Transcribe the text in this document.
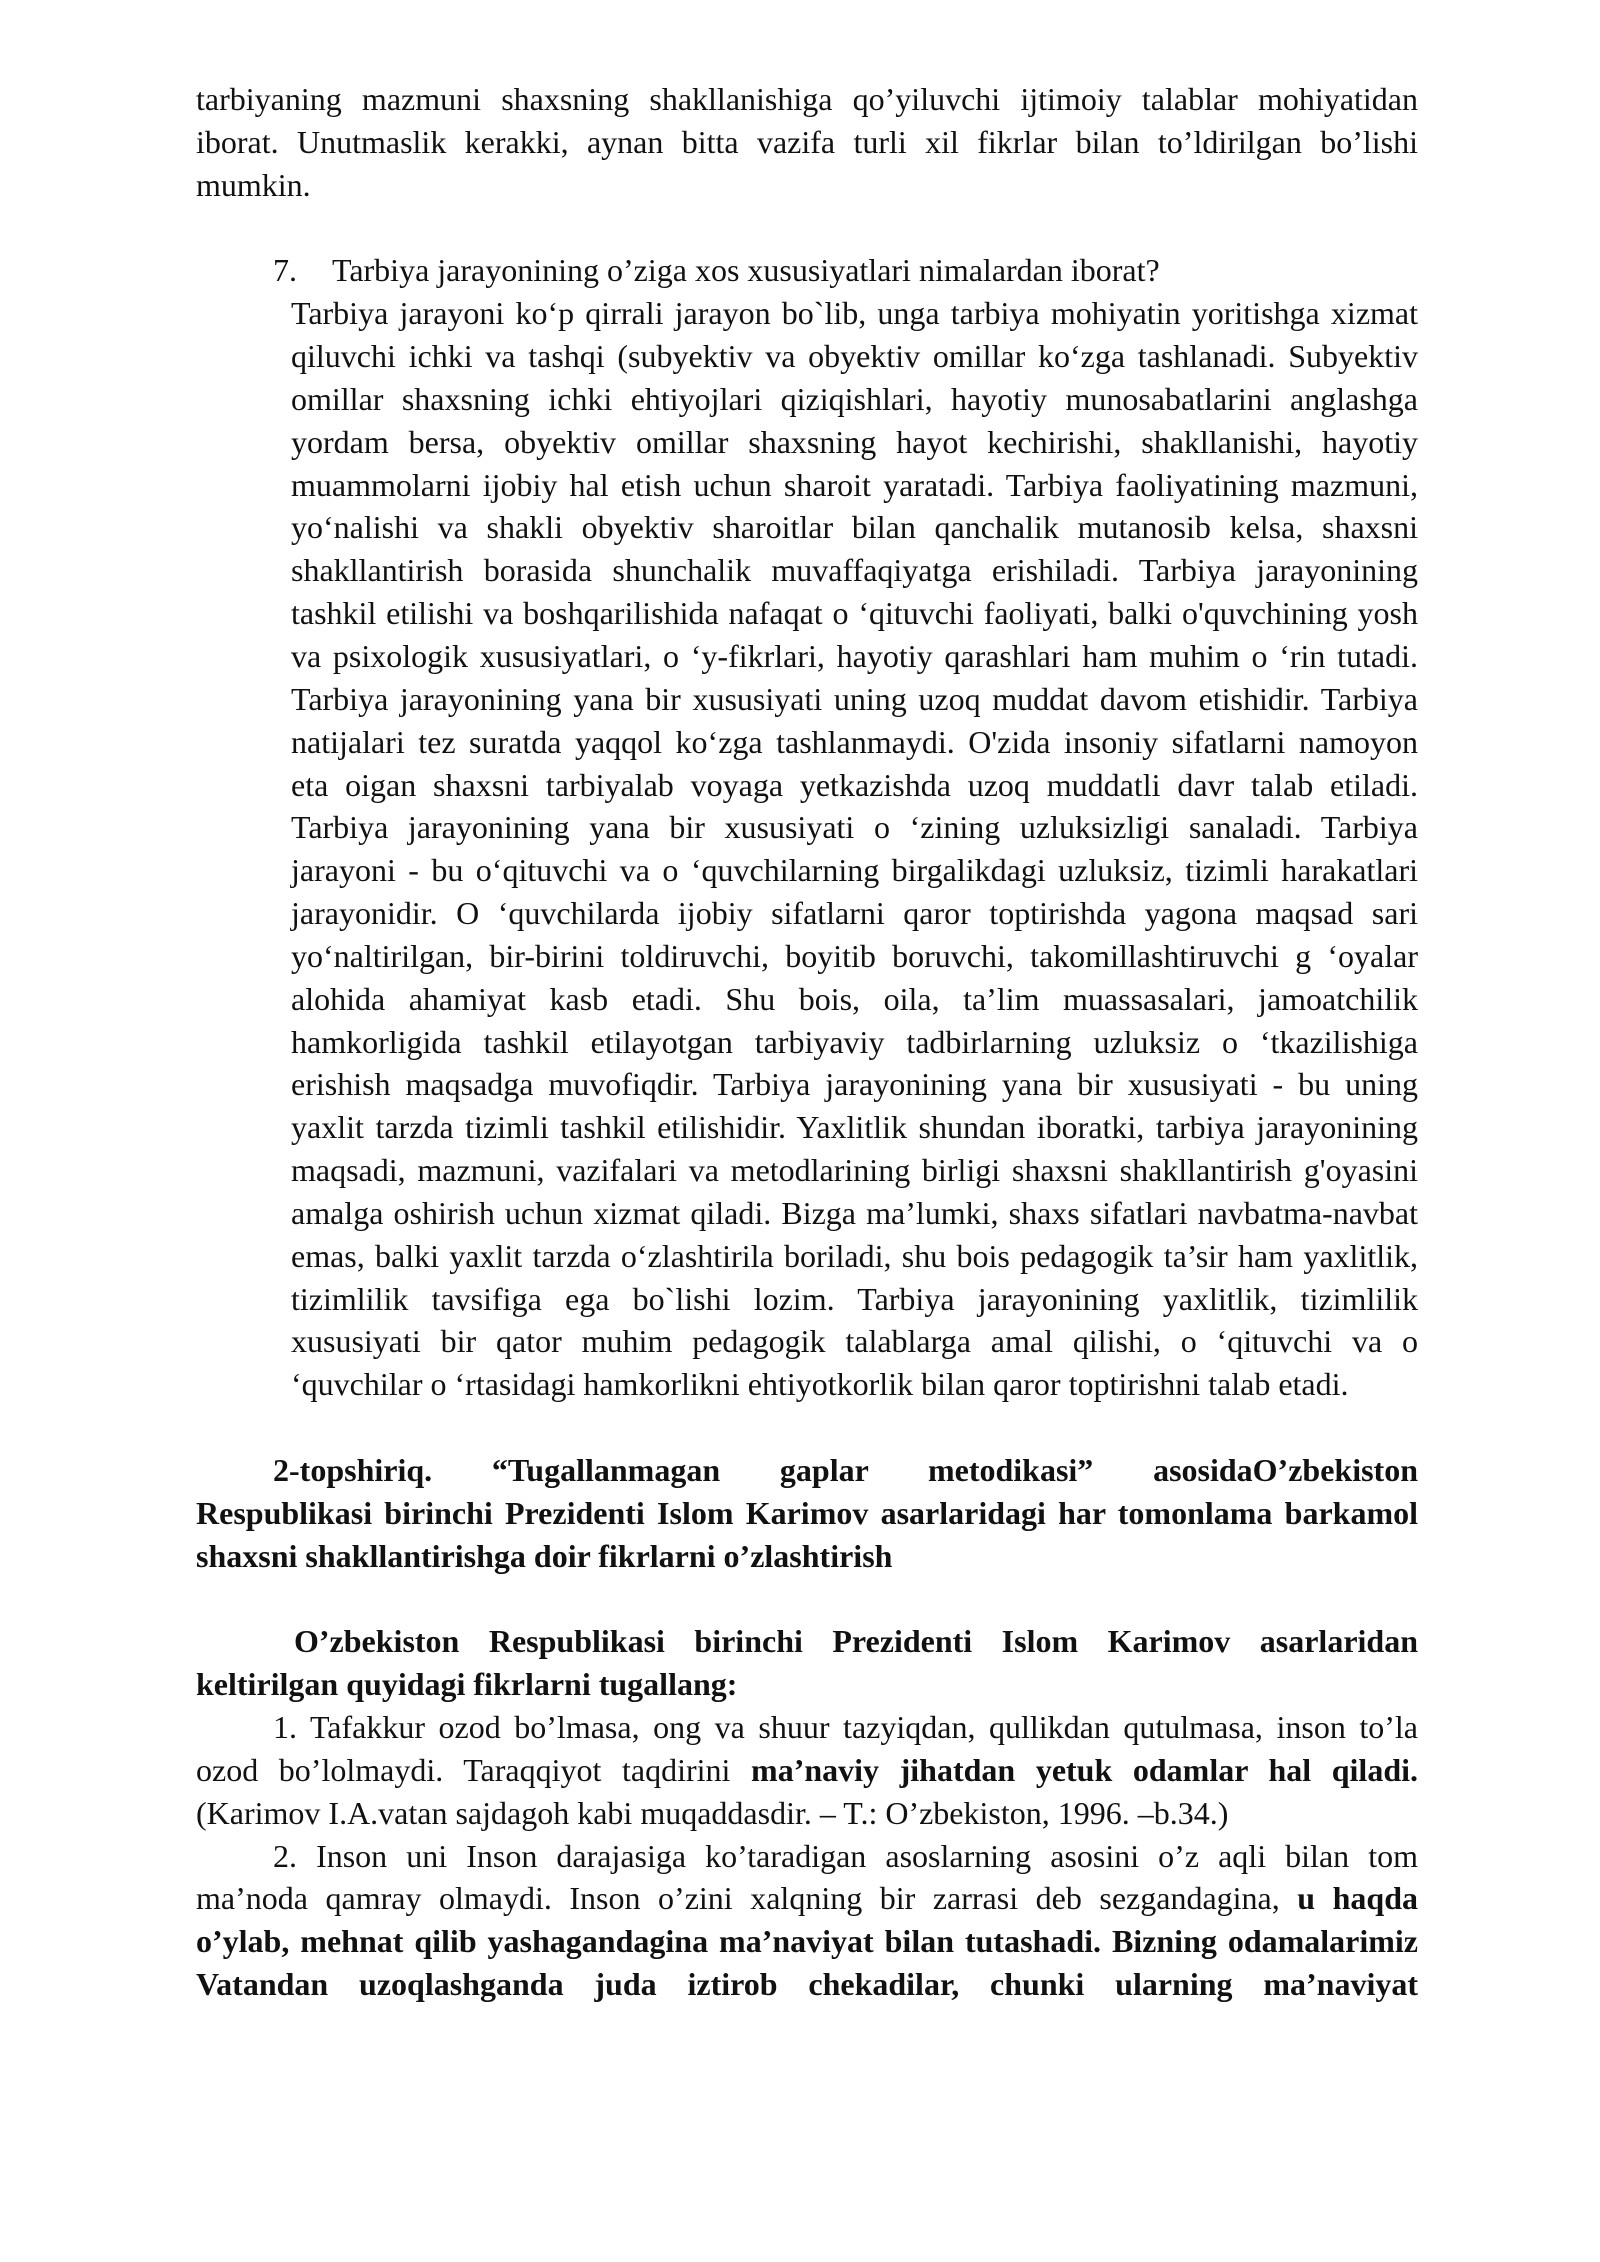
tarbiyaning mazmuni shaxsning shakllanishiga qo’yiluvchi ijtimoiy talablar mohiyatidan
iborat. Unutmaslik kerakki, aynan bitta vazifa turli xil fikrlar bilan to’ldirilgan bo’lishi
mumkin.
7. Tarbiya jarayonining o’ziga xos xususiyatlari nimalardan iborat?
Tarbiya jarayoni ko‘p qirrali jarayon bo`lib, unga tarbiya mohiyatin yoritishga xizmat
qiluvchi ichki va tashqi (subyektiv va obyektiv omillar ko‘zga tashlanadi. Subyektiv
omillar shaxsning ichki ehtiyojlari qiziqishlari, hayotiy munosabatlarini anglashga
yordam bersa, obyektiv omillar shaxsning hayot kechirishi, shakllanishi, hayotiy
muammolarni ijobiy hal etish uchun sharoit yaratadi. Tarbiya faoliyatining mazmuni,
yo‘nalishi va shakli obyektiv sharoitlar bilan qanchalik mutanosib kelsa, shaxsni
shakllantirish borasida shunchalik muvaffaqiyatga erishiladi. Tarbiya jarayonining
tashkil etilishi va boshqarilishida nafaqat o ‘qituvchi faoliyati, balki o'quvchining yosh
va psixologik xususiyatlari, o ‘y-fikrlari, hayotiy qarashlari ham muhim o ‘rin tutadi.
Tarbiya jarayonining yana bir xususiyati uning uzoq muddat davom etishidir. Tarbiya
natijalari tez suratda yaqqol ko‘zga tashlanmaydi. O'zida insoniy sifatlarni namoyon
eta oigan shaxsni tarbiyalab voyaga yetkazishda uzoq muddatli davr talab etiladi.
Tarbiya jarayonining yana bir xususiyati o ‘zining uzluksizligi sanaladi. Tarbiya
jarayoni - bu o‘qituvchi va o ‘quvchilarning birgalikdagi uzluksiz, tizimli harakatlari
jarayonidir. O ‘quvchilarda ijobiy sifatlarni qaror toptirishda yagona maqsad sari
yo‘naltirilgan, bir-birini toldiruvchi, boyitib boruvchi, takomillashtiruvchi g ‘oyalar
alohida ahamiyat kasb etadi. Shu bois, oila, ta’lim muassasalari, jamoatchilik
hamkorligida tashkil etilayotgan tarbiyaviy tadbirlarning uzluksiz o ‘tkazilishiga
erishish maqsadga muvofiqdir. Tarbiya jarayonining yana bir xususiyati - bu uning
yaxlit tarzda tizimli tashkil etilishidir. Yaxlitlik shundan iboratki, tarbiya jarayonining
maqsadi, mazmuni, vazifalari va metodlarining birligi shaxsni shakllantirish g'oyasini
amalga oshirish uchun xizmat qiladi. Bizga ma’lumki, shaxs sifatlari navbatma-navbat
emas, balki yaxlit tarzda o‘zlashtirila boriladi, shu bois pedagogik ta’sir ham yaxlitlik,
tizimlilik tavsifiga ega bo`lishi lozim. Tarbiya jarayonining yaxlitlik, tizimlilik
xususiyati bir qator muhim pedagogik talablarga amal qilishi, o ‘qituvchi va o
‘quvchilar o ‘rtasidagi hamkorlikni ehtiyotkorlik bilan qaror toptirishni talab etadi.
2-topshiriq. “Tugallanmagan gaplar metodikasi” asosidaO’zbekiston
Respublikasi birinchi Prezidenti Islom Karimov asarlaridagi har tomonlama barkamol
shaxsni shakllantirishga doir fikrlarni o’zlashtirish
O’zbekiston Respublikasi birinchi Prezidenti Islom Karimov asarlaridan
keltirilgan quyidagi fikrlarni tugallang:
1. Tafakkur ozod bo’lmasa, ong va shuur tazyiqdan, qullikdan qutulmasa, inson to’la
ozod bo’lolmaydi. Taraqqiyot taqdirini ma’naviy jihatdan yetuk odamlar hal qiladi.
(Karimov I.A.vatan sajdagoh kabi muqaddasdir. – T.: O’zbekiston, 1996. –b.34.)
2. Inson uni Inson darajasiga ko’taradigan asoslarning asosini o’z aqli bilan tom
ma’noda qamray olmaydi. Inson o’zini xalqning bir zarrasi deb sezgandagina, u haqda
o’ylab, mehnat qilib yashagandagina ma’naviyat bilan tutashadi. Bizning odamalarimiz
Vatandan uzoqlashganda juda iztirob chekadilar, chunki ularning ma’naviyat
